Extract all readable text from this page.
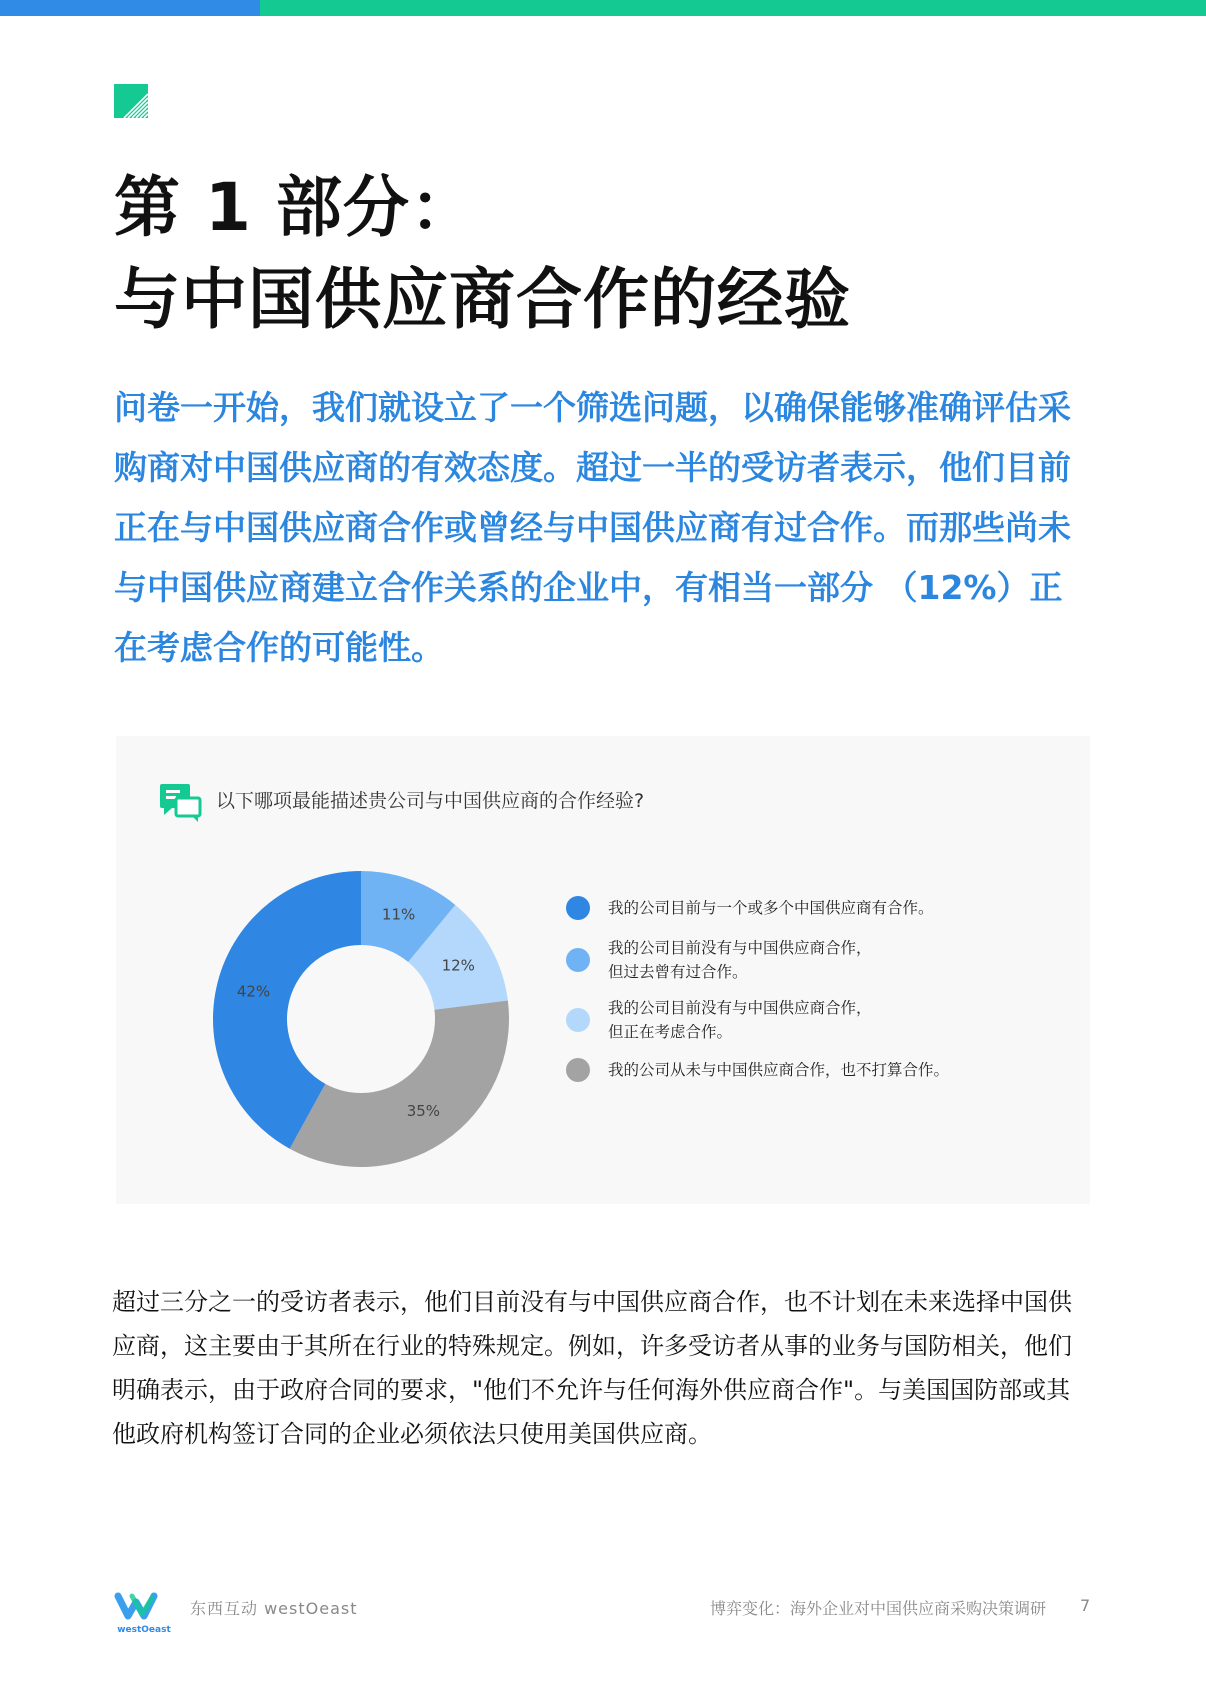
第 1 部分：
与中国供应商合作的经验

问卷一开始，我们就设立了一个筛选问题，以确保能够准确评估采购商对中国供应商的有效态度。超过一半的受访者表示，他们目前正在与中国供应商合作或曾经与中国供应商有过合作。而那些尚未与中国供应商建立合作关系的企业中，有相当一部分 （12%）正在考虑合作的可能性。

以下哪项最能描述贵公司与中国供应商的合作经验?
11%
12%
35%
42%
我的公司目前与一个或多个中国供应商有合作。
我的公司目前没有与中国供应商合作，
但过去曾有过合作。
我的公司目前没有与中国供应商合作，
但正在考虑合作。
我的公司从未与中国供应商合作，也不打算合作。

超过三分之一的受访者表示，他们目前没有与中国供应商合作，也不计划在未来选择中国供应商，这主要由于其所在行业的特殊规定。例如，许多受访者从事的业务与国防相关，他们明确表示，由于政府合同的要求，"他们不允许与任何海外供应商合作"。与美国国防部或其他政府机构签订合同的企业必须依法只使用美国供应商。

westOeast
东西互动 westOeast	博弈变化：海外企业对中国供应商采购决策调研 7
